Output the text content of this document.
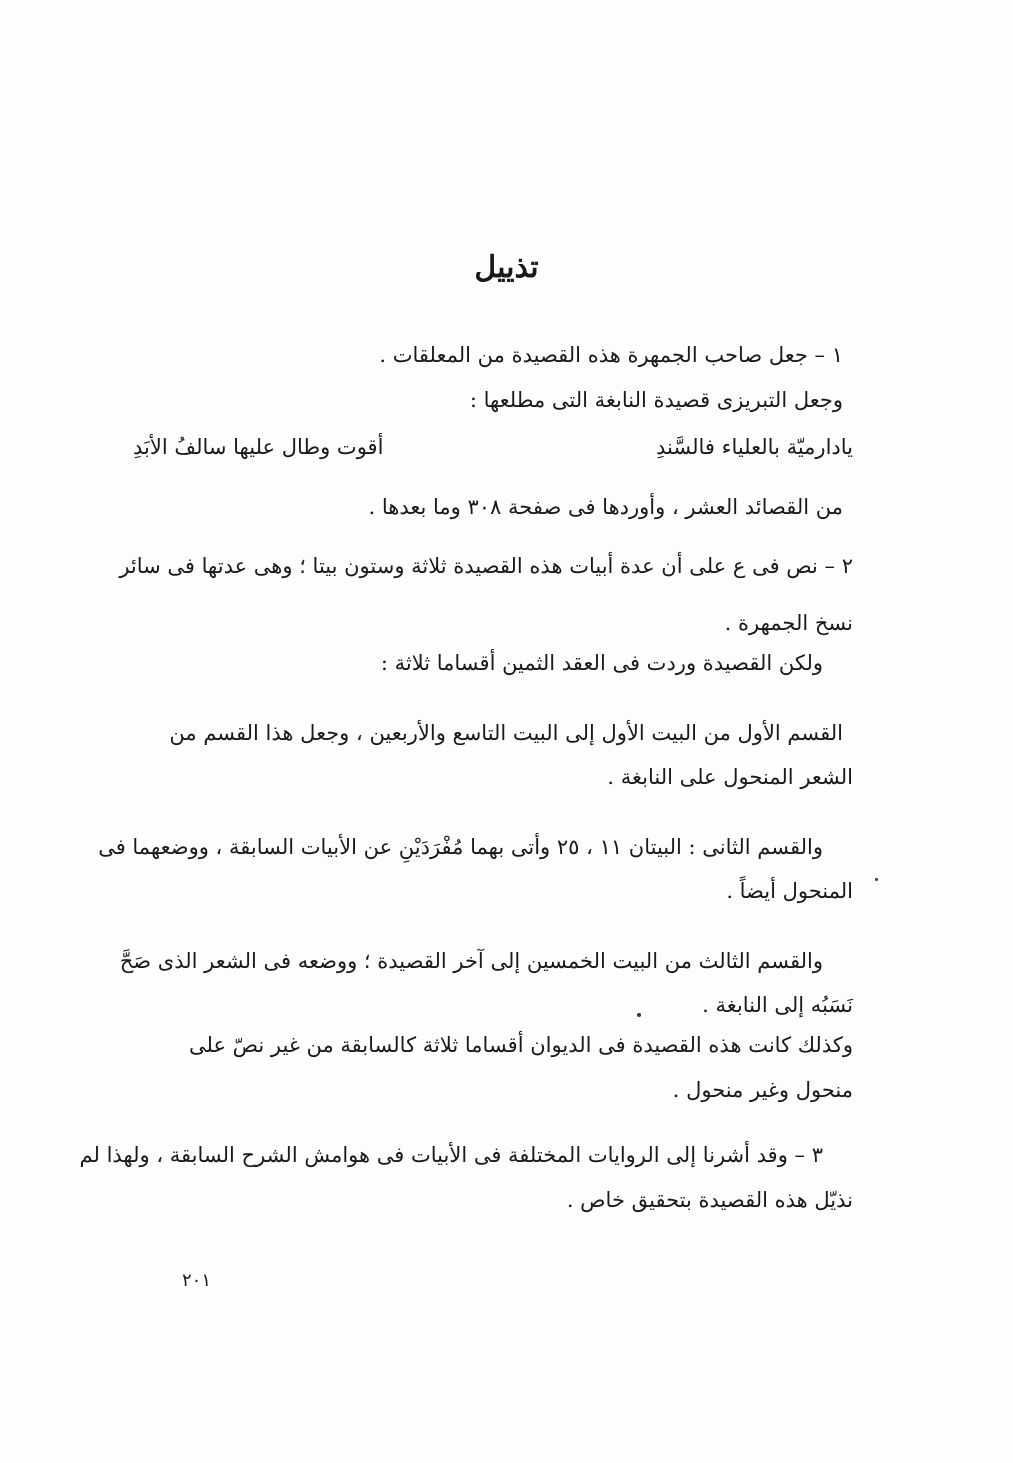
تذييل
١ – جعل صاحب الجمهرة هذه القصيدة من المعلقات .
وجعل التبريزى قصيدة النابغة التى مطلعها :
يادارميّة بالعلياء فالسَّندِ
أقوت وطال عليها سالفُ الأبَدِ
من القصائد العشر ، وأوردها فى صفحة ٣٠٨ وما بعدها .
٢ – نص فى ع على أن عدة أبيات هذه القصيدة ثلاثة وستون بيتا ؛ وهى عدتها فى سائر
نسخ الجمهرة .
ولكن القصيدة وردت فى العقد الثمين أقساما ثلاثة :
القسم الأول من البيت الأول إلى البيت التاسع والأربعين ، وجعل هذا القسم من
الشعر المنحول على النابغة .
والقسم الثانى : البيتان ١١ ، ٢٥ وأتى بهما مُفْرَدَيْنِ عن الأبيات السابقة ، ووضعهما فى
المنحول أيضاً .
والقسم الثالث من البيت الخمسين إلى آخر القصيدة ؛ ووضعه فى الشعر الذى صَحَّ
نَسَبُه إلى النابغة .
وكذلك كانت هذه القصيدة فى الديوان أقساما ثلاثة كالسابقة من غير نصّ على
منحول وغير منحول .
٣ – وقد أشرنا إلى الروايات المختلفة فى الأبيات فى هوامش الشرح السابقة ، ولهذا لم
نذيّل هذه القصيدة بتحقيق خاص .
٢٠١
